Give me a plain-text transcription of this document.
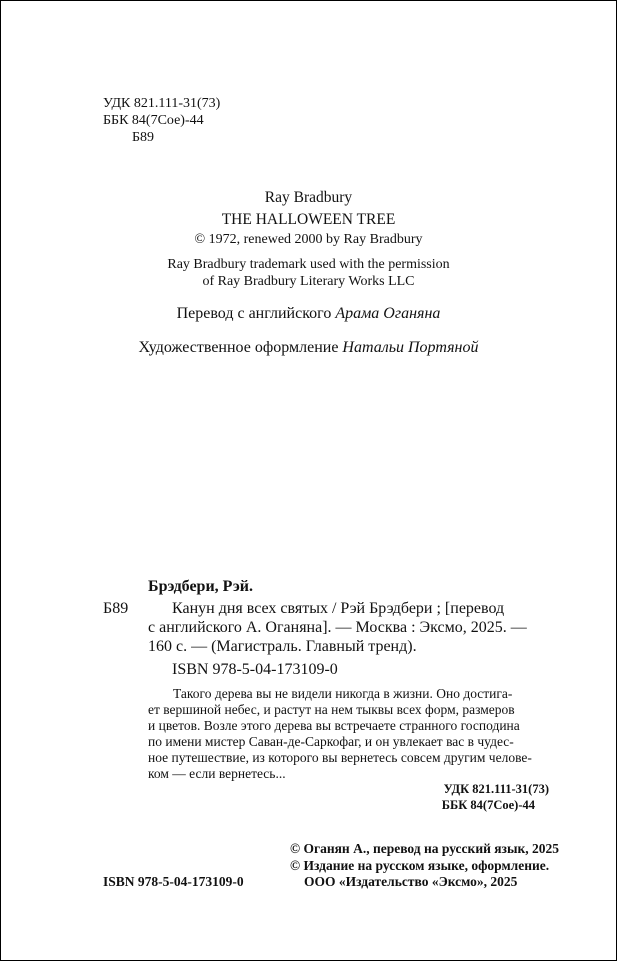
УДК 821.111-31(73)
ББК 84(7Сое)-44
Б89
Ray Bradbury
THE HALLOWEEN TREE
© 1972, renewed 2000 by Ray Bradbury
Ray Bradbury trademark used with the permission
of Ray Bradbury Literary Works LLC
Перевод с английского Арама Оганяна
Художественное оформление Натальи Портяной
Брэдбери, Рэй.
Б89	Канун дня всех святых / Рэй Брэдбери ; [перевод
с английского А. Оганяна]. — Москва : Эксмо, 2025. —
160 с. — (Магистраль. Главный тренд).
ISBN 978-5-04-173109-0
Такого дерева вы не видели никогда в жизни. Оно достига-
ет вершиной небес, и растут на нем тыквы всех форм, размеров
и цветов. Возле этого дерева вы встречаете странного господина
по имени мистер Саван-де-Саркофаг, и он увлекает вас в чудес-
ное путешествие, из которого вы вернетесь совсем другим челове-
ком — если вернетесь...
УДК 821.111-31(73)
ББК 84(7Сое)-44
© Оганян А., перевод на русский язык, 2025
© Издание на русском языке, оформление.
ISBN 978-5-04-173109-0	ООО «Издательство «Эксмо», 2025
